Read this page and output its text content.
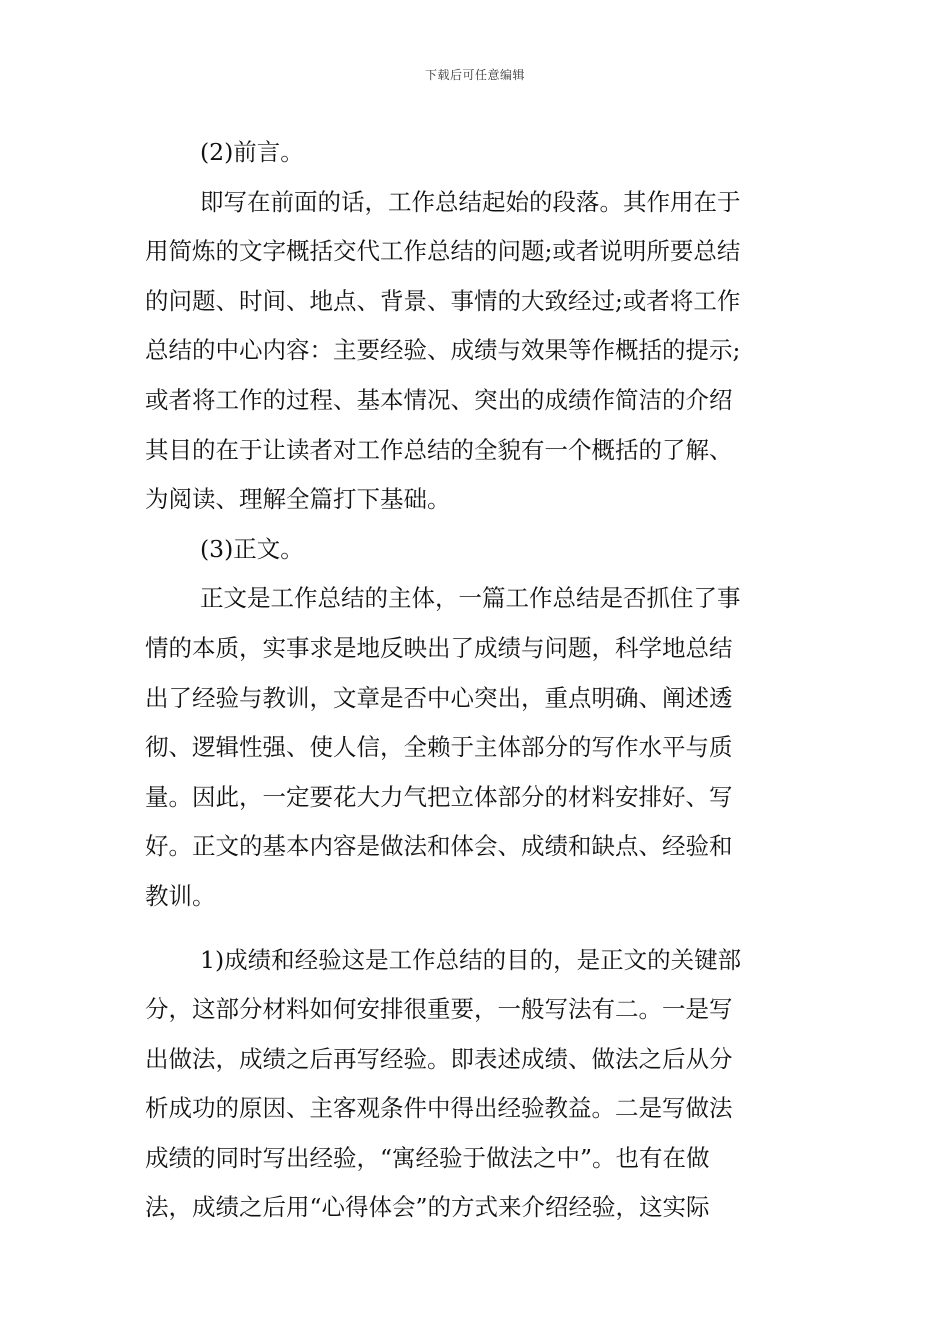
下载后可任意编辑
(2)前言。
即写在前面的话，工作总结起始的段落。其作用在于
用简炼的文字概括交代工作总结的问题;或者说明所要总结
的问题、时间、地点、背景、事情的大致经过;或者将工作
总结的中心内容：主要经验、成绩与效果等作概括的提示;
或者将工作的过程、基本情况、突出的成绩作简洁的介绍
其目的在于让读者对工作总结的全貌有一个概括的了解、
为阅读、理解全篇打下基础。
(3)正文。
正文是工作总结的主体，一篇工作总结是否抓住了事
情的本质，实事求是地反映出了成绩与问题，科学地总结
出了经验与教训，文章是否中心突出，重点明确、阐述透
彻、逻辑性强、使人信，全赖于主体部分的写作水平与质
量。因此，一定要花大力气把立体部分的材料安排好、写
好。正文的基本内容是做法和体会、成绩和缺点、经验和
教训。
1)成绩和经验这是工作总结的目的，是正文的关键部
分，这部分材料如何安排很重要，一般写法有二。一是写
出做法，成绩之后再写经验。即表述成绩、做法之后从分
析成功的原因、主客观条件中得出经验教益。二是写做法
成绩的同时写出经验，“寓经验于做法之中”。也有在做
法，成绩之后用“心得体会”的方式来介绍经验，这实际
